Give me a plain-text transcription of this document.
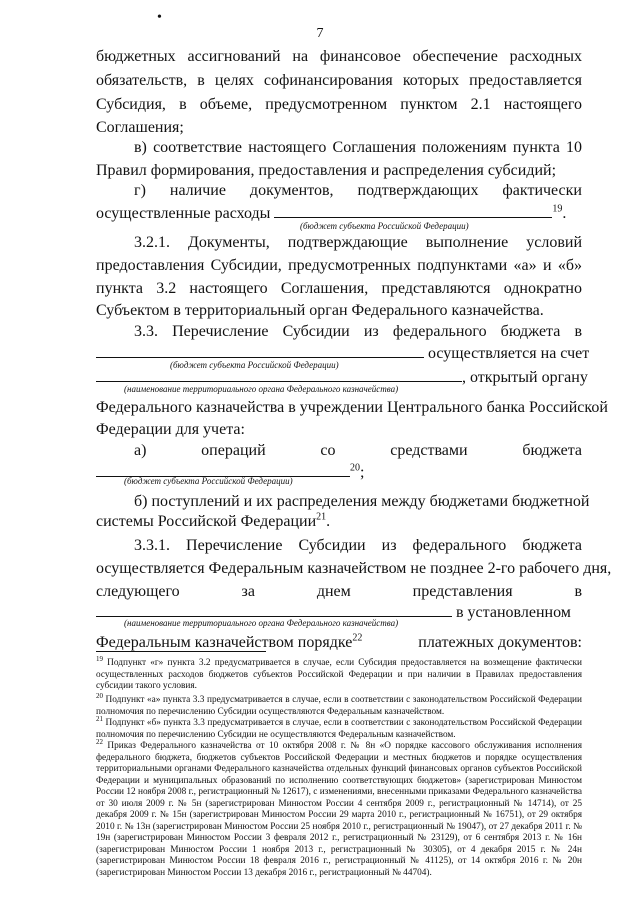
•
7
бюджетных ассигнований на финансовое обеспечение расходных
обязательств, в целях софинансирования которых предоставляется
Субсидия, в объеме, предусмотренном пунктом 2.1 настоящего
Соглашения;
в) соответствие настоящего Соглашения положениям пункта 10
Правил формирования, предоставления и распределения субсидий;
г) наличие документов, подтверждающих фактически
осуществленные расходы	$^{19}$.
(бюджет субъекта Российской Федерации)
3.2.1. Документы, подтверждающие выполнение условий
предоставления Субсидии, предусмотренных подпунктами «а» и «б»
пункта 3.2 настоящего Соглашения, представляются однократно
Субъектом в территориальный орган Федерального казначейства.
3.3. Перечисление Субсидии из федерального бюджета в
осуществляется на счет
(бюджет субъекта Российской Федерации)
, открытый органу
(наименование территориального органа Федерального казначейства)
Федерального казначейства в учреждении Центрального банка Российской
Федерации для учета:
а) операций со средствами бюджета
$^{20}$;
(бюджет субъекта Российской Федерации)
б) поступлений и их распределения между бюджетами бюджетной
системы Российской Федерации$^{21}$.
3.3.1. Перечисление Субсидии из федерального бюджета
осуществляется Федеральным казначейством не позднее 2-го рабочего дня,
следующего за днем представления в
в установленном
(наименование территориального органа Федерального казначейства)
Федеральным казначейством порядке$^{22}$	платежных документов:
$^{19}$ Подпункт «г» пункта 3.2 предусматривается в случае, если Субсидия предоставляется на возмещение фактически осуществленных расходов бюджетов субъектов Российской Федерации и при наличии в Правилах предоставления субсидии такого условия.
$^{20}$ Подпункт «а» пункта 3.3 предусматривается в случае, если в соответствии с законодательством Российской Федерации полномочия по перечислению Субсидии осуществляются Федеральным казначейством.
$^{21}$ Подпункт «б» пункта 3.3 предусматривается в случае, если в соответствии с законодательством Российской Федерации полномочия по перечислению Субсидии не осуществляются Федеральным казначейством.
$^{22}$ Приказ Федерального казначейства от 10 октября 2008 г. № 8н «О порядке кассового обслуживания исполнения федерального бюджета, бюджетов субъектов Российской Федерации и местных бюджетов и порядке осуществления территориальными органами Федерального казначейства отдельных функций финансовых органов субъектов Российской Федерации и муниципальных образований по исполнению соответствующих бюджетов» (зарегистрирован Минюстом России 12 ноября 2008 г., регистрационный № 12617), с изменениями, внесенными приказами Федерального казначейства от 30 июля 2009 г. № 5н (зарегистрирован Минюстом России 4 сентября 2009 г., регистрационный № 14714), от 25 декабря 2009 г. № 15н (зарегистрирован Минюстом России 29 марта 2010 г., регистрационный № 16751), от 29 октября 2010 г. № 13н (зарегистрирован Минюстом России 25 ноября 2010 г., регистрационный № 19047), от 27 декабря 2011 г. № 19н (зарегистрирован Минюстом России 3 февраля 2012 г., регистрационный № 23129), от 6 сентября 2013 г. № 16н (зарегистрирован Минюстом России 1 ноября 2013 г., регистрационный № 30305), от 4 декабря 2015 г. № 24н (зарегистрирован Минюстом России 18 февраля 2016 г., регистрационный № 41125), от 14 октября 2016 г. № 20н (зарегистрирован Минюстом России 13 декабря 2016 г., регистрационный № 44704).
